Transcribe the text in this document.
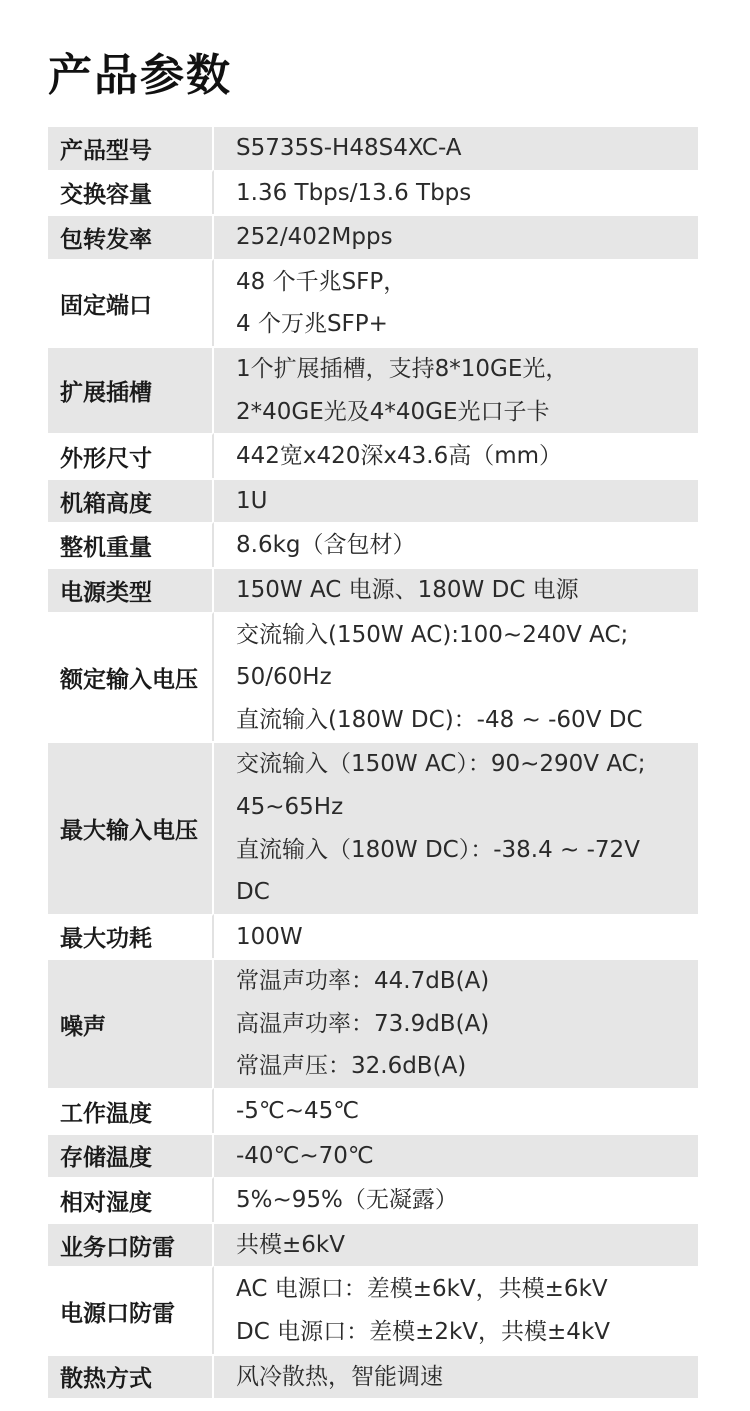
产品参数
产品型号	S5735S-H48S4XC-A

交换容量	1.36 Tbps/13.6 Tbps

包转发率	252/402Mpps

固定端口	48 个千兆SFP，
4 个万兆SFP+

扩展插槽	1个扩展插槽，支持8*10GE光，
2*40GE光及4*40GE光口子卡

外形尺寸	442宽x420深x43.6高（mm）

机箱高度	1U

整机重量	8.6kg（含包材）

电源类型	150W AC 电源、180W DC 电源

额定输入电压	交流输入(150W AC):100~240V AC;
50/60Hz
直流输入(180W DC)：-48 ~ -60V DC

最大输入电压	交流输入（150W AC）：90~290V AC;
45~65Hz
直流输入（180W DC）：-38.4 ~ -72V
DC

最大功耗	100W

噪声	常温声功率：44.7dB(A)
高温声功率：73.9dB(A)
常温声压：32.6dB(A)

工作温度	-5℃~45℃

存储温度	-40℃~70℃

相对湿度	5%~95%（无凝露）

业务口防雷	共模±6kV

电源口防雷	AC 电源口：差模±6kV，共模±6kV
DC 电源口：差模±2kV，共模±4kV

散热方式	风冷散热，智能调速
